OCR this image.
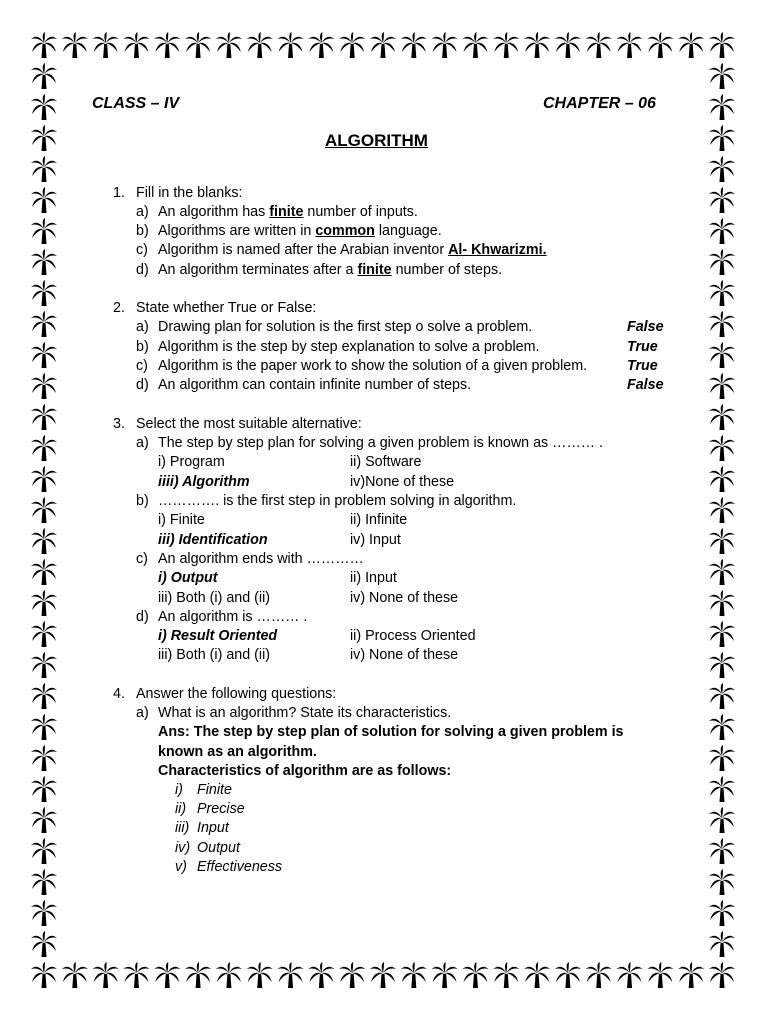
CLASS – IV	CHAPTER – 06
ALGORITHM
1. Fill in the blanks:
a) An algorithm has finite number of inputs.
b) Algorithms are written in common language.
c) Algorithm is named after the Arabian inventor Al- Khwarizmi.
d) An algorithm terminates after a finite number of steps.
2. State whether True or False:
a) Drawing plan for solution is the first step o solve a problem.	False
b) Algorithm is the step by step explanation to solve a problem.	True
c) Algorithm is the paper work to show the solution of a given problem.	True
d) An algorithm can contain infinite number of steps.	False
3. Select the most suitable alternative:
a) The step by step plan for solving a given problem is known as ……… .
i) Program	ii) Software
iiii) Algorithm	iv)None of these
b) …………. is the first step in problem solving in algorithm.
i) Finite	ii) Infinite
iii) Identification	iv) Input
c) An algorithm ends with …………
i) Output	ii) Input
iii) Both (i) and (ii)	iv) None of these
d) An algorithm is ……… .
i) Result Oriented	ii) Process Oriented
iii) Both (i) and (ii)	iv) None of these
4. Answer the following questions:
a) What is an algorithm? State its characteristics.
Ans: The step by step plan of solution for solving a given problem is
known as an algorithm.
Characteristics of algorithm are as follows:
i) Finite
ii) Precise
iii) Input
iv) Output
v) Effectiveness
